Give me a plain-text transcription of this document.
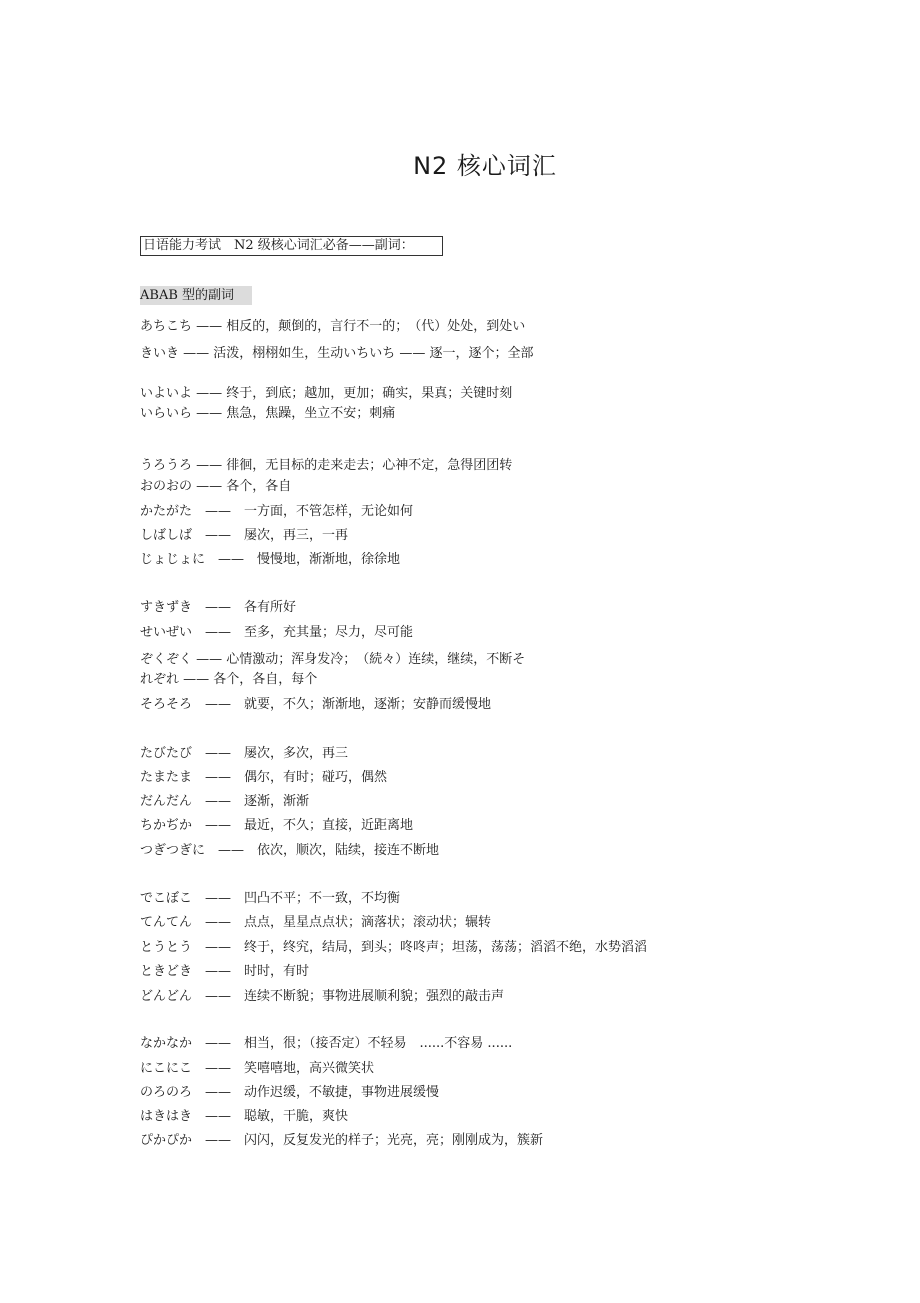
N2 核心词汇
日语能力考试　N2 级核心词汇必备——副词：
ABAB 型的副词
あちこち —— 相反的，颠倒的，言行不一的；　（代）处处，到处い
きいき —— 活泼，栩栩如生，生动いちいち —— 逐一，逐个；全部
いよいよ —— 终于，到底；越加，更加；确实，果真；关键时刻
いらいら —— 焦急，焦躁，坐立不安；刺痛
うろうろ —— 徘徊，无目标的走来走去；心神不定，急得团团转
おのおの —— 各个，各自
かたがた　——　一方面，不管怎样，无论如何
しばしば　——　屡次，再三，一再
じょじょに　——　慢慢地，渐渐地，徐徐地
すきずき　——　各有所好
せいぜい　——　至多，充其量；尽力，尽可能
ぞくぞく —— 心情激动；浑身发冷；　（続々）连续，继续，不断そ
れぞれ —— 各个，各自，每个
そろそろ　——　就要，不久；渐渐地，逐渐；安静而缓慢地
たびたび　——　屡次，多次，再三
たまたま　——　偶尔，有时；碰巧，偶然
だんだん　——　逐渐，渐渐
ちかぢか　——　最近，不久；直接，近距离地
つぎつぎに　——　依次，顺次，陆续，接连不断地
でこぼこ　——　凹凸不平；不一致，不均衡
てんてん　——　点点，星星点点状；滴落状；滚动状；辗转
とうとう　——　终于，终究，结局，到头；咚咚声；坦荡，荡荡；滔滔不绝，水势滔滔
ときどき　——　时时，有时
どんどん　——　连续不断貌；事物进展顺利貌；强烈的敲击声
なかなか　——　相当，很；（接否定）不轻易　......不容易 ......
にこにこ　——　笑嘻嘻地，高兴微笑状
のろのろ　——　动作迟缓，不敏捷，事物进展缓慢
はきはき　——　聪敏，干脆，爽快
ぴかぴか　——　闪闪，反复发光的样子；光亮，亮；刚刚成为，簇新
